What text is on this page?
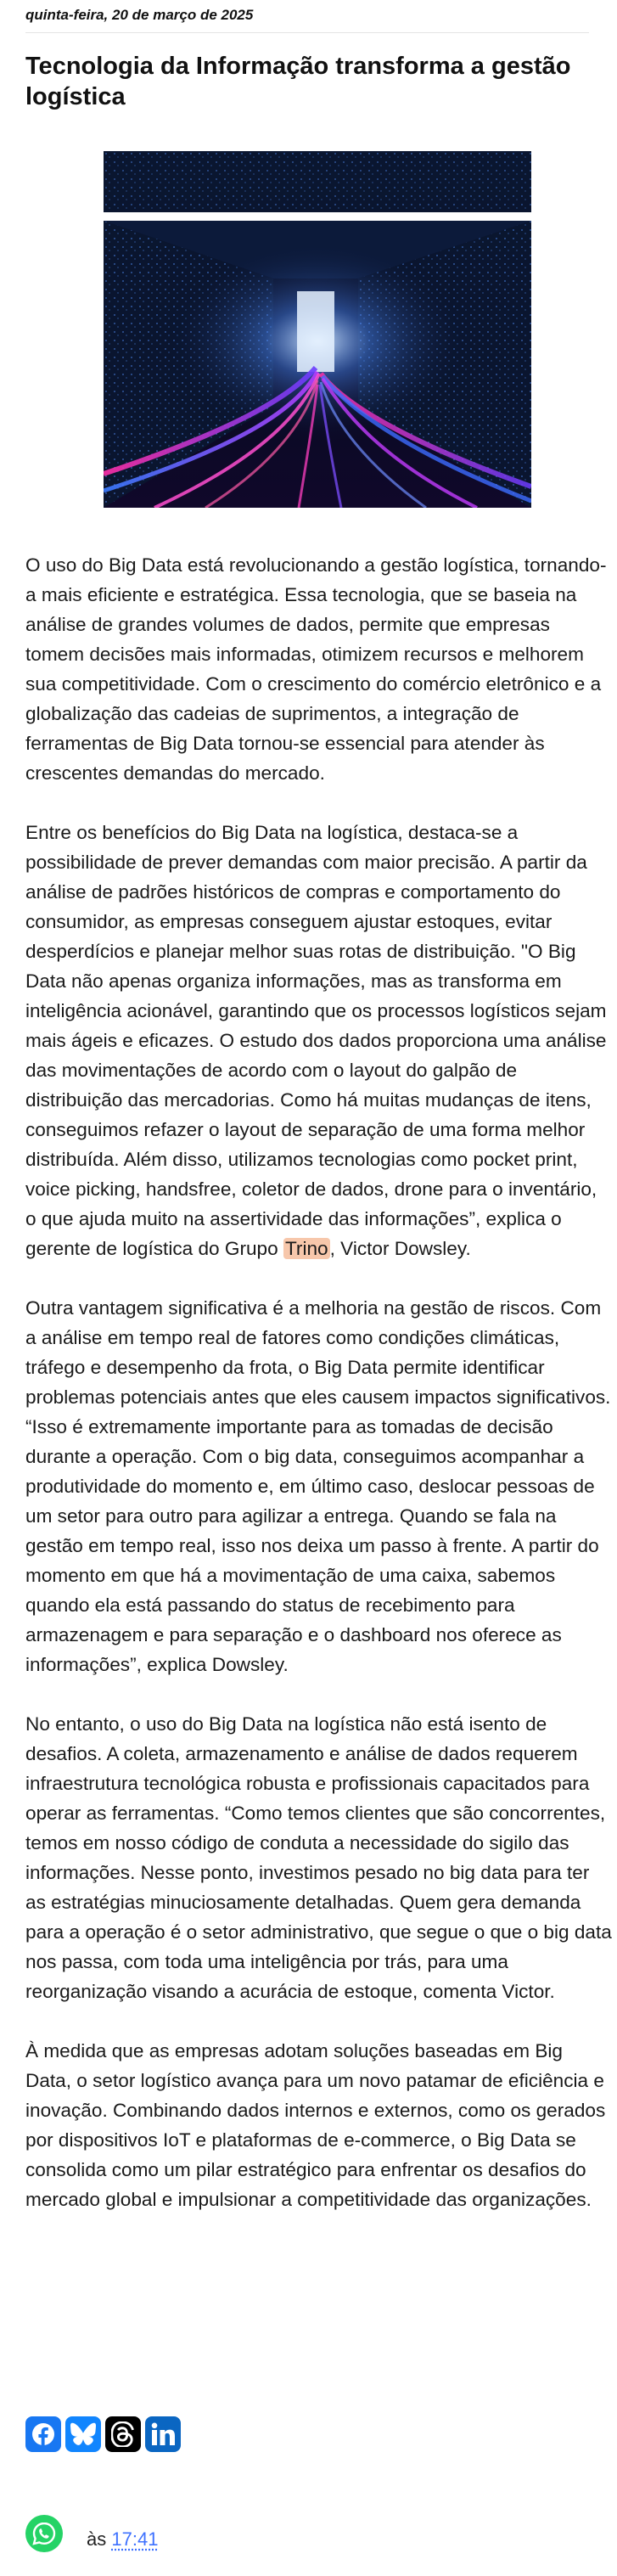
quinta-feira, 20 de março de 2025
Tecnologia da Informação transforma a gestão logística

O uso do Big Data está revolucionando a gestão logística, tornando-a mais eficiente e estratégica. Essa tecnologia, que se baseia na análise de grandes volumes de dados, permite que empresas tomem decisões mais informadas, otimizem recursos e melhorem sua competitividade. Com o crescimento do comércio eletrônico e a globalização das cadeias de suprimentos, a integração de ferramentas de Big Data tornou-se essencial para atender às crescentes demandas do mercado.

Entre os benefícios do Big Data na logística, destaca-se a possibilidade de prever demandas com maior precisão. A partir da análise de padrões históricos de compras e comportamento do consumidor, as empresas conseguem ajustar estoques, evitar desperdícios e planejar melhor suas rotas de distribuição. "O Big Data não apenas organiza informações, mas as transforma em inteligência acionável, garantindo que os processos logísticos sejam mais ágeis e eficazes. O estudo dos dados proporciona uma análise das movimentações de acordo com o layout do galpão de distribuição das mercadorias. Como há muitas mudanças de itens, conseguimos refazer o layout de separação de uma forma melhor distribuída. Além disso, utilizamos tecnologias como pocket print, voice picking, handsfree, coletor de dados, drone para o inventário, o que ajuda muito na assertividade das informações”, explica o gerente de logística do Grupo Trino, Victor Dowsley.

Outra vantagem significativa é a melhoria na gestão de riscos. Com a análise em tempo real de fatores como condições climáticas, tráfego e desempenho da frota, o Big Data permite identificar problemas potenciais antes que eles causem impactos significativos. “Isso é extremamente importante para as tomadas de decisão durante a operação. Com o big data, conseguimos acompanhar a produtividade do momento e, em último caso, deslocar pessoas de um setor para outro para agilizar a entrega. Quando se fala na gestão em tempo real, isso nos deixa um passo à frente. A partir do momento em que há a movimentação de uma caixa, sabemos quando ela está passando do status de recebimento para armazenagem e para separação e o dashboard nos oferece as informações”, explica Dowsley.

No entanto, o uso do Big Data na logística não está isento de desafios. A coleta, armazenamento e análise de dados requerem infraestrutura tecnológica robusta e profissionais capacitados para operar as ferramentas. “Como temos clientes que são concorrentes, temos em nosso código de conduta a necessidade do sigilo das informações. Nesse ponto, investimos pesado no big data para ter as estratégias minuciosamente detalhadas. Quem gera demanda para a operação é o setor administrativo, que segue o que o big data nos passa, com toda uma inteligência por trás, para uma reorganização visando a acurácia de estoque, comenta Victor.

À medida que as empresas adotam soluções baseadas em Big Data, o setor logístico avança para um novo patamar de eficiência e inovação. Combinando dados internos e externos, como os gerados por dispositivos IoT e plataformas de e-commerce, o Big Data se consolida como um pilar estratégico para enfrentar os desafios do mercado global e impulsionar a competitividade das organizações.

às 17:41
